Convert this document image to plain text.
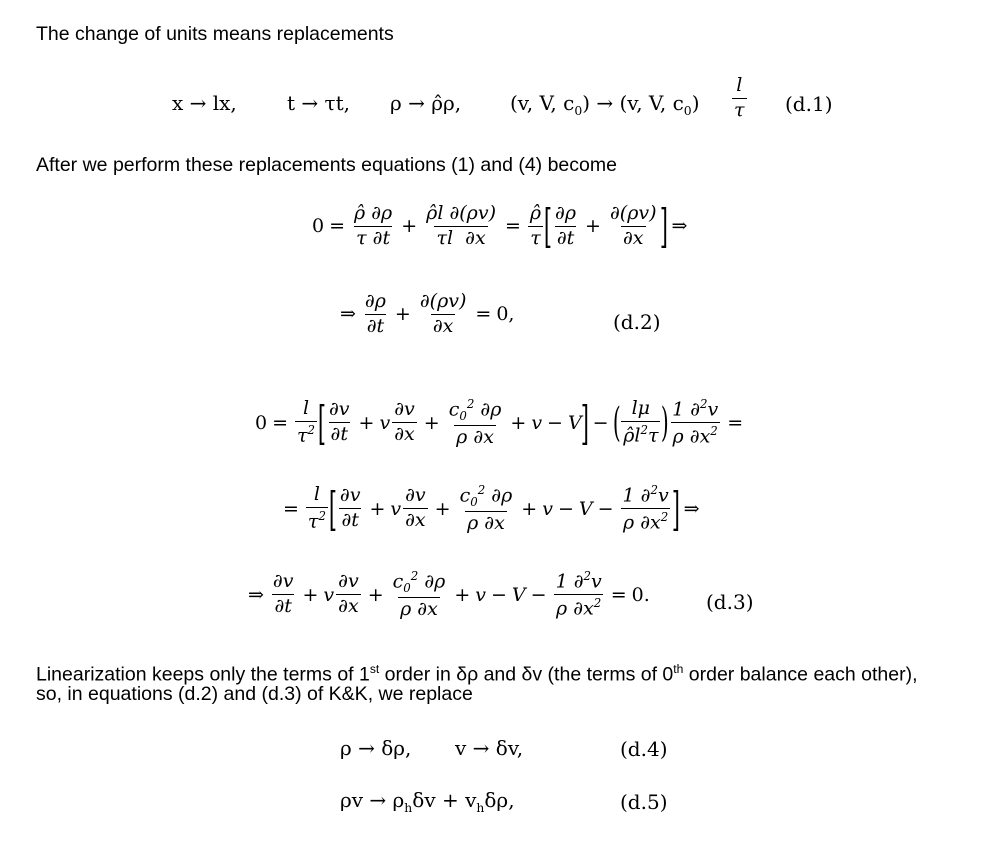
The change of units means replacements
x → lx,	t → τt, ρ → ρ̂ρ, (v, V, $c_0) \to (v$, V, $c_0) \frac{l}{\tau} (d.1)$
After we perform these replacements equations (1) and (4) become
$0 = \frac{\rhô \partial\rho}{\tau \partial t} + \frac{\rhôl \partial(\rho v)}{\tau l \partial x} = \frac{\rhô}{\tau}$ [ $\frac{\partial\rho}{\partial t} + \frac{\partial(\rho v)}{\partial x}$ ] ⇒
⇒ $\frac{\partial\rho}{\partial t} + \frac{\partial(\rho v)}{\partial x} = 0$,	(d.2)
$0 = \frac{l}{\tau^2}$ [ $\frac{\partial v}{\partial t} + v \frac{\partial v}{\partial x} + \frac{c_0^2 \partial\rho}{\rho \partial x} + v - V$
] − ( $\frac{l\mu}{\rhôl^2\tau}$ ) $\frac{1 \partial^2v}{\rho \partial x^2}$ =
= $\frac{l}{\tau^2}$ [ $\frac{\partial v}{\partial t} + v \frac{\partial v}{\partial x} + \frac{c_0^2 \partial\rho}{\rho \partial x} + v - V - \frac{1 \partial^2v}{\rho \partial x^2}$ ] ⇒
⇒ $\frac{\partial v}{\partial t} + v \frac{\partial v}{\partial x} + \frac{c_0^2 \partial\rho}{\rho \partial x} + v - V - \frac{1 \partial^2v}{\rho \partial x^2} = 0$.	(d.3)
Linearization keeps only the terms of 1st order in δρ and δv (the terms of 0th order balance each other),
so, in equations (d.2) and (d.3) of K&K, we replace
ρ → δρ, v → δv,	(d.4)
$\rho v \to \rho_h\delta v + v_h\delta\rho$,	(d.5)
